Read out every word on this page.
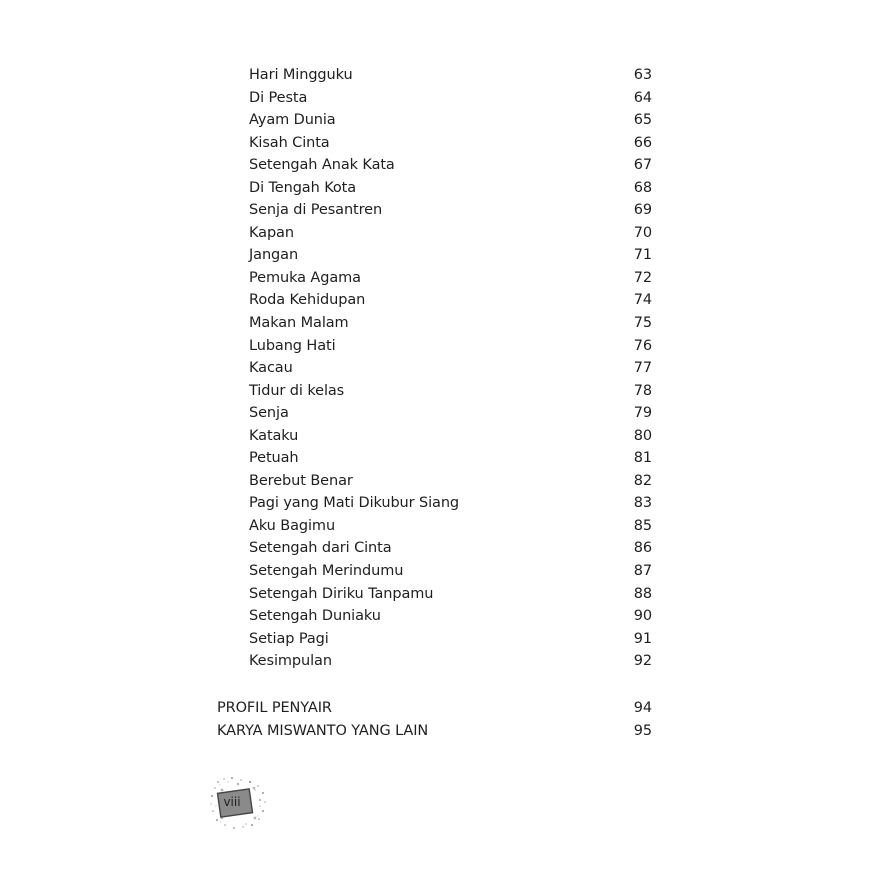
Hari Mingguku	63
Di Pesta	64
Ayam Dunia	65
Kisah Cinta	66
Setengah Anak Kata	67
Di Tengah Kota	68
Senja di Pesantren	69
Kapan	70
Jangan	71
Pemuka Agama	72
Roda Kehidupan	74
Makan Malam	75
Lubang Hati	76
Kacau	77
Tidur di kelas	78
Senja	79
Kataku	80
Petuah	81
Berebut Benar	82
Pagi yang Mati Dikubur Siang	83
Aku Bagimu	85
Setengah dari Cinta	86
Setengah Merindumu	87
Setengah Diriku Tanpamu	88
Setengah Duniaku	90
Setiap Pagi	91
Kesimpulan	92
PROFIL PENYAIR	94
KARYA MISWANTO YANG LAIN	95
viii
